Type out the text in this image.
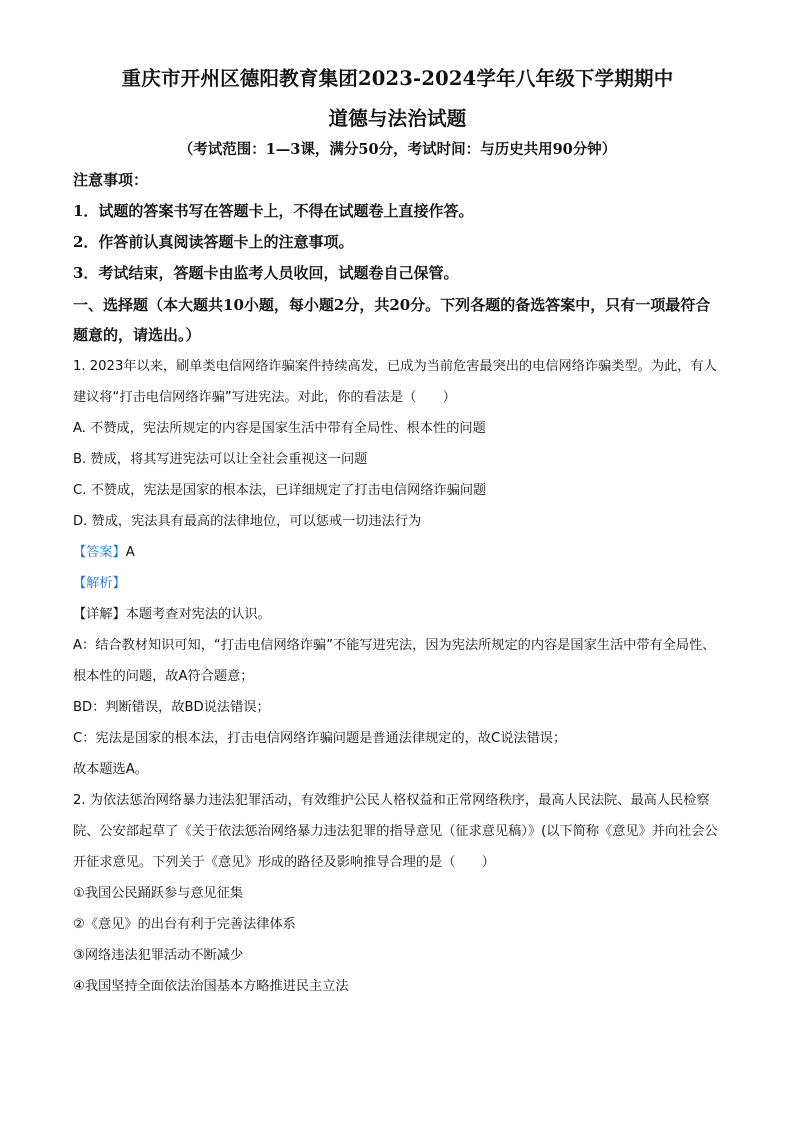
重庆市开州区德阳教育集团2023-2024学年八年级下学期期中
道德与法治试题
（考试范围：1—3课，满分50分，考试时间：与历史共用90分钟）
注意事项：
1．试题的答案书写在答题卡上，不得在试题卷上直接作答。
2．作答前认真阅读答题卡上的注意事项。
3．考试结束，答题卡由监考人员收回，试题卷自己保管。
一、选择题（本大题共10小题，每小题2分，共20分。下列各题的备选答案中，只有一项最符合题意的，请选出。）
1. 2023年以来，刷单类电信网络诈骗案件持续高发，已成为当前危害最突出的电信网络诈骗类型。为此，有人建议将“打击电信网络诈骗”写进宪法。对此，你的看法是（　　）
A. 不赞成，宪法所规定的内容是国家生活中带有全局性、根本性的问题
B. 赞成，将其写进宪法可以让全社会重视这一问题
C. 不赞成，宪法是国家的根本法，已详细规定了打击电信网络诈骗问题
D. 赞成，宪法具有最高的法律地位，可以惩戒一切违法行为
【答案】A
【解析】
【详解】本题考查对宪法的认识。
A：结合教材知识可知，“打击电信网络诈骗”不能写进宪法，因为宪法所规定的内容是国家生活中带有全局性、根本性的问题，故A符合题意；
BD：判断错误，故BD说法错误；
C：宪法是国家的根本法，打击电信网络诈骗问题是普通法律规定的，故C说法错误；
故本题选A。
2. 为依法惩治网络暴力违法犯罪活动，有效维护公民人格权益和正常网络秩序，最高人民法院、最高人民检察院、公安部起草了《关于依法惩治网络暴力违法犯罪的指导意见（征求意见稿）》(以下简称《意见》并向社会公开征求意见。下列关于《意见》形成的路径及影响推导合理的是（　　）
①我国公民踊跃参与意见征集
②《意见》的出台有利于完善法律体系
③网络违法犯罪活动不断减少
④我国坚持全面依法治国基本方略推进民主立法
